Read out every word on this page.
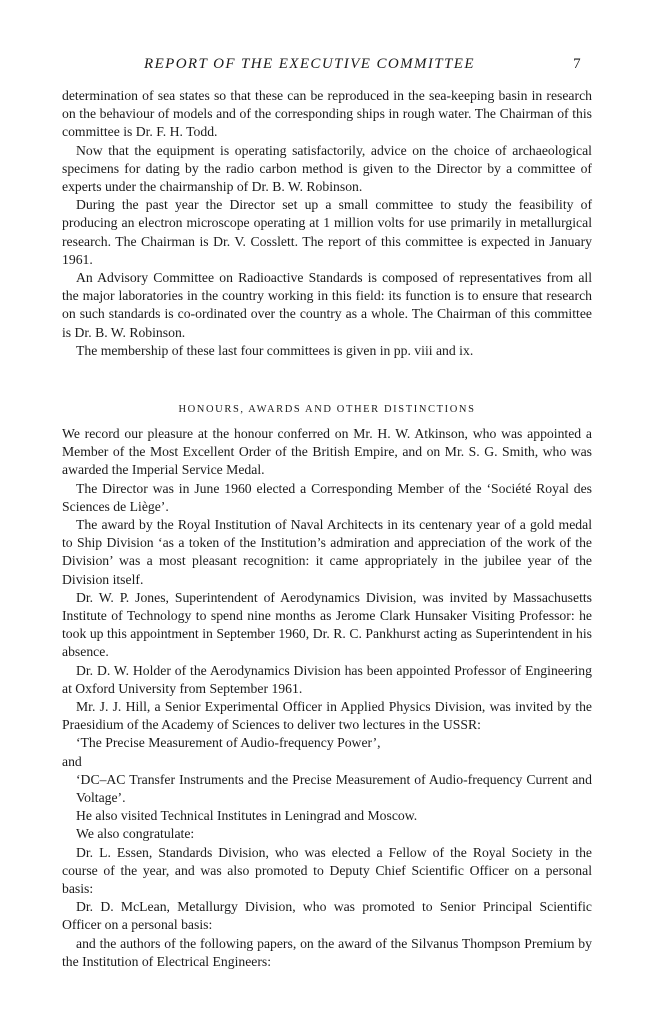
REPORT OF THE EXECUTIVE COMMITTEE	7

determination of sea states so that these can be reproduced in the sea-keeping basin in research on the behaviour of models and of the corresponding ships in rough water. The Chairman of this committee is Dr. F. H. Todd.

Now that the equipment is operating satisfactorily, advice on the choice of archaeological specimens for dating by the radio carbon method is given to the Director by a committee of experts under the chairmanship of Dr. B. W. Robinson.

During the past year the Director set up a small committee to study the feasibility of producing an electron microscope operating at 1 million volts for use primarily in metallurgical research. The Chairman is Dr. V. Cosslett. The report of this committee is expected in January 1961.

An Advisory Committee on Radioactive Standards is composed of representatives from all the major laboratories in the country working in this field: its function is to ensure that research on such standards is co-ordinated over the country as a whole. The Chairman of this committee is Dr. B. W. Robinson.

The membership of these last four committees is given in pp. viii and ix.

HONOURS, AWARDS AND OTHER DISTINCTIONS

We record our pleasure at the honour conferred on Mr. H. W. Atkinson, who was appointed a Member of the Most Excellent Order of the British Empire, and on Mr. S. G. Smith, who was awarded the Imperial Service Medal.

The Director was in June 1960 elected a Corresponding Member of the ‘Société Royal des Sciences de Liège’.

The award by the Royal Institution of Naval Architects in its centenary year of a gold medal to Ship Division ‘as a token of the Institution’s admiration and appreciation of the work of the Division’ was a most pleasant recognition: it came appropriately in the jubilee year of the Division itself.

Dr. W. P. Jones, Superintendent of Aerodynamics Division, was invited by Massachusetts Institute of Technology to spend nine months as Jerome Clark Hunsaker Visiting Professor: he took up this appointment in September 1960, Dr. R. C. Pankhurst acting as Superintendent in his absence.

Dr. D. W. Holder of the Aerodynamics Division has been appointed Professor of Engineering at Oxford University from September 1961.

Mr. J. J. Hill, a Senior Experimental Officer in Applied Physics Division, was invited by the Praesidium of the Academy of Sciences to deliver two lectures in the USSR:

‘The Precise Measurement of Audio-frequency Power’,

and

‘DC–AC Transfer Instruments and the Precise Measurement of Audio-frequency Current and Voltage’.

He also visited Technical Institutes in Leningrad and Moscow.

We also congratulate:

Dr. L. Essen, Standards Division, who was elected a Fellow of the Royal Society in the course of the year, and was also promoted to Deputy Chief Scientific Officer on a personal basis:

Dr. D. McLean, Metallurgy Division, who was promoted to Senior Principal Scientific Officer on a personal basis:

and the authors of the following papers, on the award of the Silvanus Thompson Premium by the Institution of Electrical Engineers:
